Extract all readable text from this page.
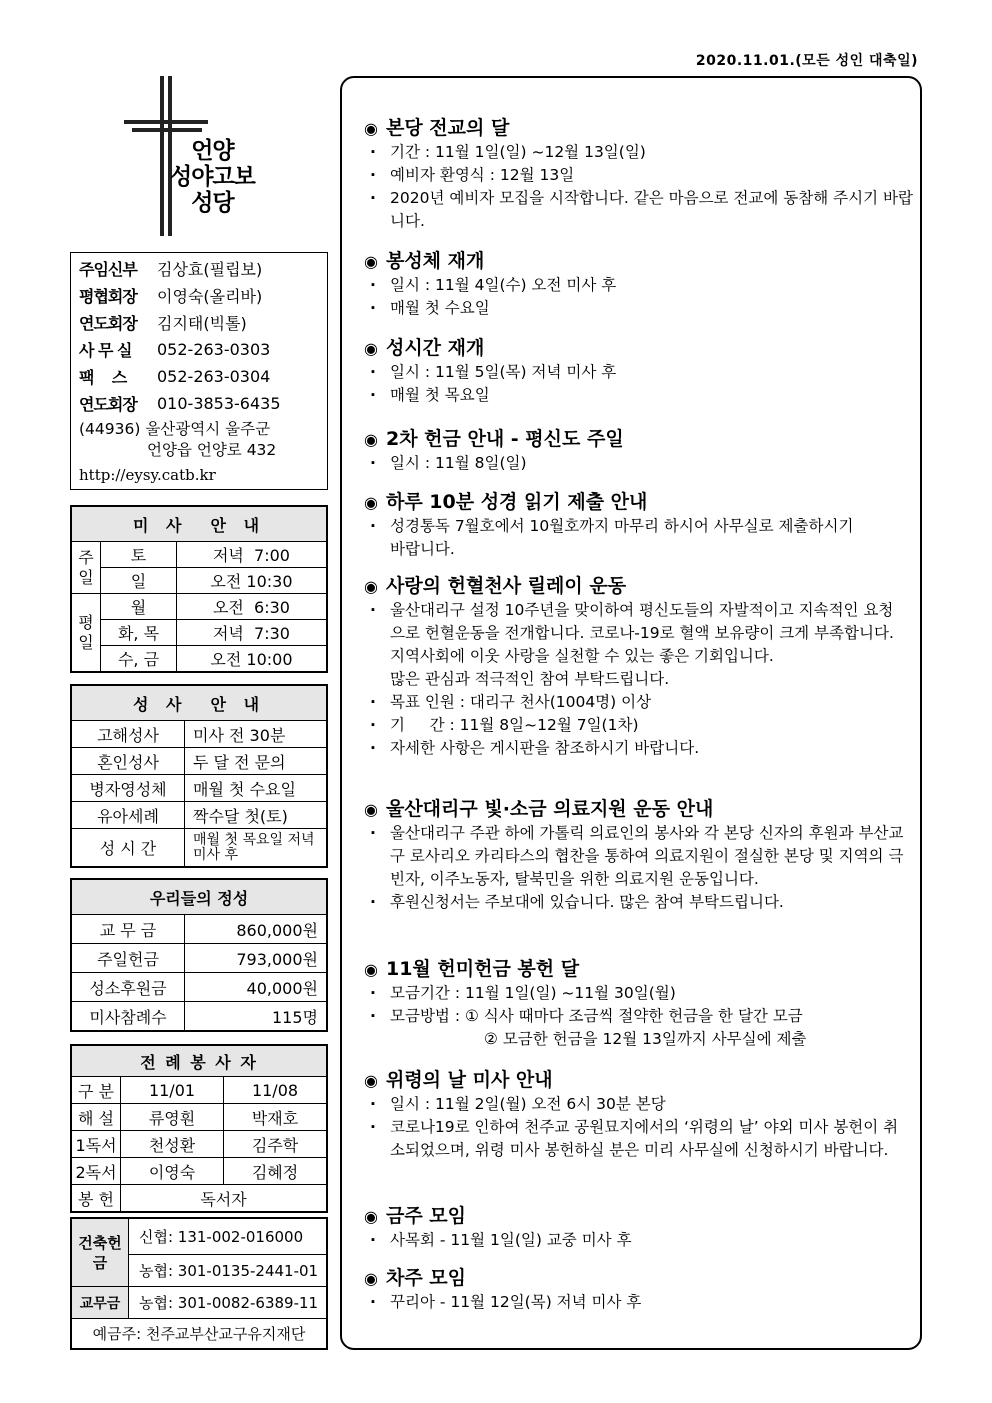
2020.11.01.(모든 성인 대축일)
언양
성야고보
성당
주임신부	김상효(필립보)
평협회장	이영숙(올리바)
연도회장	김지태(빅톨)
사 무 실	052-263-0303
팩    스	052-263-0304
연도회장	010-3853-6435
(44936) 울산광역시 울주군
언양읍 언양로 432
http://eysy.catb.kr
미 사  안 내		
주일	토	저녁  7:00
	일	오전 10:30
평일	월	오전  6:30
	화, 목	저녁  7:30
	수, 금	오전 10:00
성 사  안 내	
고해성사	미사 전 30분
혼인성사	두 달 전 문의
병자영성체	매월 첫 수요일
유아세례	짝수달 첫(토)
성 시 간	매월 첫 목요일 저녁미사 후
우리들의 정성	
교 무 금	860,000원
주일헌금	793,000원
성소후원금	40,000원
미사참례수	115명
전 례 봉 사 자		
구 분	11/01	11/08
해 설	류영훤	박재호
1독서	천성환	김주학
2독서	이영숙	김혜정
봉 헌	독서자	
건축헌금	신협: 131-002-016000
	농협: 301-0135-2441-01
교무금	농협: 301-0082-6389-11
예금주: 천주교부산교구유지재단	
◉ 본당 전교의 달
· 기간 : 11월 1일(일) ~12월 13일(일)
· 예비자 환영식 : 12월 13일
· 2020년 예비자 모집을 시작합니다. 같은 마음으로 전교에 동참해 주시기 바랍니다.
◉ 봉성체 재개
· 일시 : 11월 4일(수) 오전 미사 후
· 매월 첫 수요일
◉ 성시간 재개
· 일시 : 11월 5일(목) 저녁 미사 후
· 매월 첫 목요일
◉ 2차 헌금 안내 - 평신도 주일
· 일시 : 11월 8일(일)
◉ 하루 10분 성경 읽기 제출 안내
· 성경통독 7월호에서 10월호까지 마무리 하시어 사무실로 제출하시기 바랍니다.
◉ 사랑의 헌혈천사 릴레이 운동
· 울산대리구 설정 10주년을 맞이하여 평신도들의 자발적이고 지속적인 요청으로 헌혈운동을 전개합니다. 코로나-19로 혈액 보유량이 크게 부족합니다. 지역사회에 이웃 사랑을 실천할 수 있는 좋은 기회입니다.
많은 관심과 적극적인 참여 부탁드립니다.
· 목표 인원 : 대리구 천사(1004명) 이상
· 기     간 : 11월 8일~12월 7일(1차)
· 자세한 사항은 게시판을 참조하시기 바랍니다.
◉ 울산대리구 빛·소금 의료지원 운동 안내
· 울산대리구 주관 하에 가톨릭 의료인의 봉사와 각 본당 신자의 후원과 부산교구 로사리오 카리타스의 협찬을 통하여 의료지원이 절실한 본당 및 지역의 극빈자, 이주노동자, 탈북민을 위한 의료지원 운동입니다.
· 후원신청서는 주보대에 있습니다. 많은 참여 부탁드립니다.
◉ 11월 헌미헌금 봉헌 달
· 모금기간 : 11월 1일(일) ~11월 30일(월)
· 모금방법 : ① 식사 때마다 조금씩 절약한 헌금을 한 달간 모금
② 모금한 헌금을 12월 13일까지 사무실에 제출
◉ 위령의 날 미사 안내
· 일시 : 11월 2일(월) 오전 6시 30분 본당
· 코로나19로 인하여 천주교 공원묘지에서의 ‘위령의 날’ 야외 미사 봉헌이 취소되었으며, 위령 미사 봉헌하실 분은 미리 사무실에 신청하시기 바랍니다.
◉ 금주 모임
· 사목회 - 11월 1일(일) 교중 미사 후
◉ 차주 모임
· 꾸리아 - 11월 12일(목) 저녁 미사 후
